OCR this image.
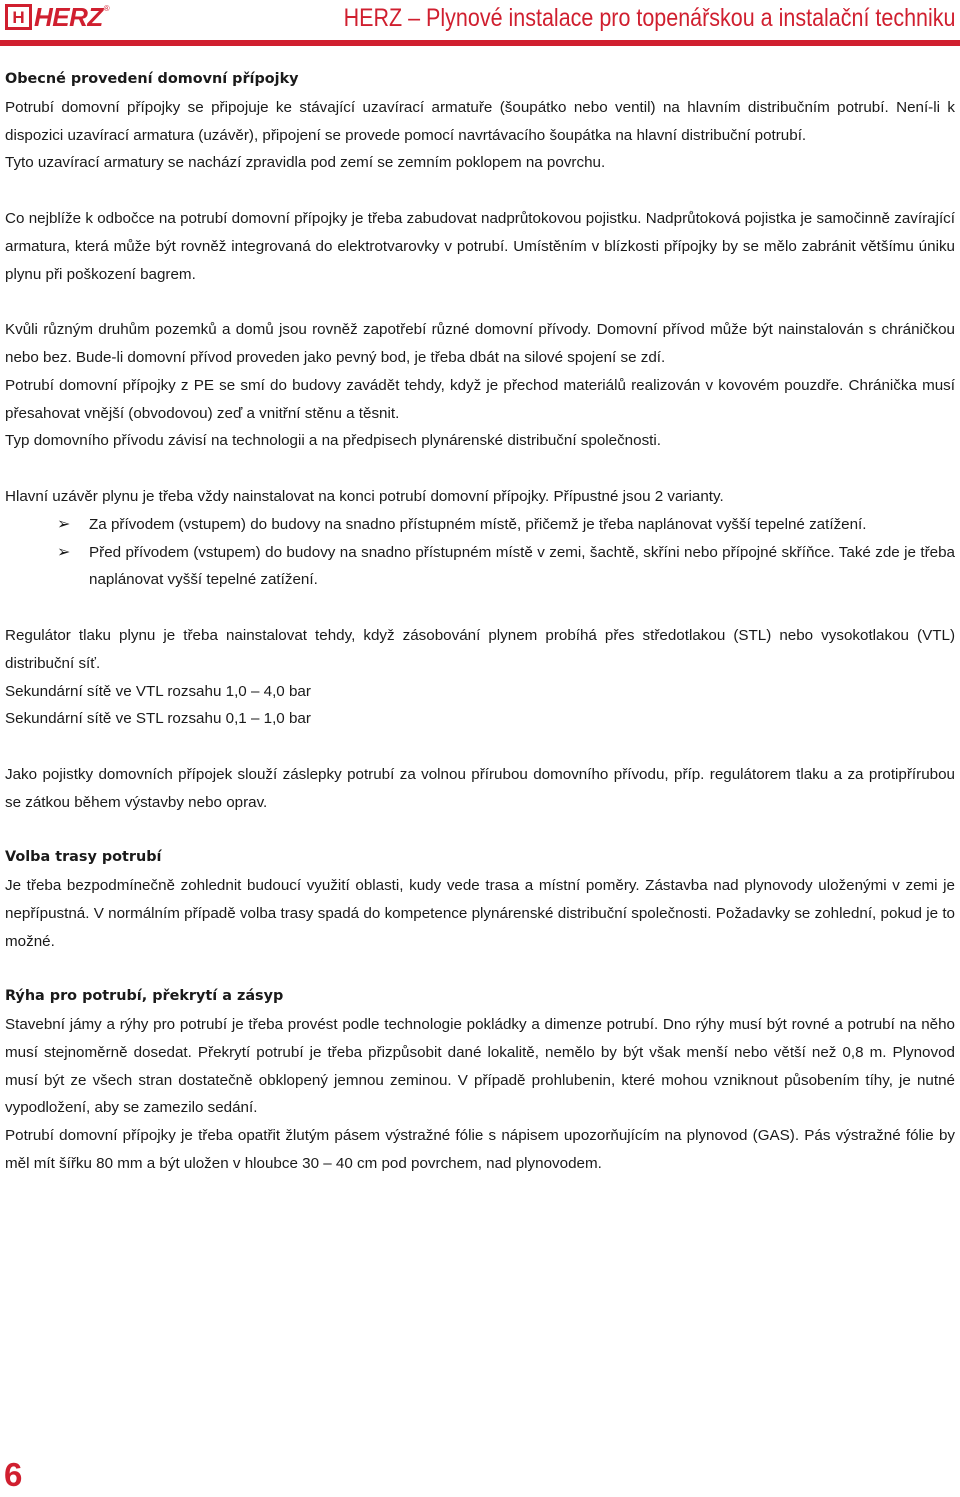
H HERZ ®	HERZ – Plynové instalace pro topenářskou a instalační techniku
Obecné provedení domovní přípojky

Potrubí domovní přípojky se připojuje ke stávající uzavírací armatuře (šoupátko nebo ventil) na hlavním distribučním potrubí. Není-li k dispozici uzavírací armatura (uzávěr), připojení se provede pomocí navrtávacího šoupátka na hlavní distribuční potrubí.

Tyto uzavírací armatury se nachází zpravidla pod zemí se zemním poklopem na povrchu.

Co nejblíže k odbočce na potrubí domovní přípojky je třeba zabudovat nadprůtokovou pojistku. Nadprůtoková pojistka je samočinně zavírající armatura, která může být rovněž integrovaná do elektrotvarovky v potrubí. Umístěním v blízkosti přípojky by se mělo zabránit většímu úniku plynu při poškození bagrem.

Kvůli různým druhům pozemků a domů jsou rovněž zapotřebí různé domovní přívody. Domovní přívod může být nainstalován s chráničkou nebo bez. Bude-li domovní přívod proveden jako pevný bod, je třeba dbát na silové spojení se zdí.

Potrubí domovní přípojky z PE se smí do budovy zavádět tehdy, když je přechod materiálů realizován v kovovém pouzdře. Chránička musí přesahovat vnější (obvodovou) zeď a vnitřní stěnu a těsnit.

Typ domovního přívodu závisí na technologii a na předpisech plynárenské distribuční společnosti.

Hlavní uzávěr plynu je třeba vždy nainstalovat na konci potrubí domovní přípojky. Přípustné jsou 2 varianty.

➢ Za přívodem (vstupem) do budovy na snadno přístupném místě, přičemž je třeba naplánovat vyšší tepelné zatížení.
➢ Před přívodem (vstupem) do budovy na snadno přístupném místě v zemi, šachtě, skříni nebo přípojné skříňce. Také zde je třeba naplánovat vyšší tepelné zatížení.

Regulátor tlaku plynu je třeba nainstalovat tehdy, když zásobování plynem probíhá přes středotlakou (STL) nebo vysokotlakou (VTL) distribuční síť.

Sekundární sítě ve VTL rozsahu 1,0 – 4,0 bar

Sekundární sítě ve STL rozsahu 0,1 – 1,0 bar

Jako pojistky domovních přípojek slouží záslepky potrubí za volnou přírubou domovního přívodu, příp. regulátorem tlaku a za protipřírubou se zátkou během výstavby nebo oprav.

Volba trasy potrubí

Je třeba bezpodmínečně zohlednit budoucí využití oblasti, kudy vede trasa a místní poměry. Zástavba nad plynovody uloženými v zemi je nepřípustná. V normálním případě volba trasy spadá do kompetence plynárenské distribuční společnosti. Požadavky se zohlední, pokud je to možné.

Rýha pro potrubí, překrytí a zásyp

Stavební jámy a rýhy pro potrubí je třeba provést podle technologie pokládky a dimenze potrubí. Dno rýhy musí být rovné a potrubí na něho musí stejnoměrně dosedat. Překrytí potrubí je třeba přizpůsobit dané lokalitě, nemělo by být však menší nebo větší než 0,8 m. Plynovod musí být ze všech stran dostatečně obklopený jemnou zeminou. V případě prohlubenin, které mohou vzniknout působením tíhy, je nutné vypodložení, aby se zamezilo sedání.

Potrubí domovní přípojky je třeba opatřit žlutým pásem výstražné fólie s nápisem upozorňujícím na plynovod (GAS). Pás výstražné fólie by měl mít šířku 80 mm a být uložen v hloubce 30 – 40 cm pod povrchem, nad plynovodem.

6
